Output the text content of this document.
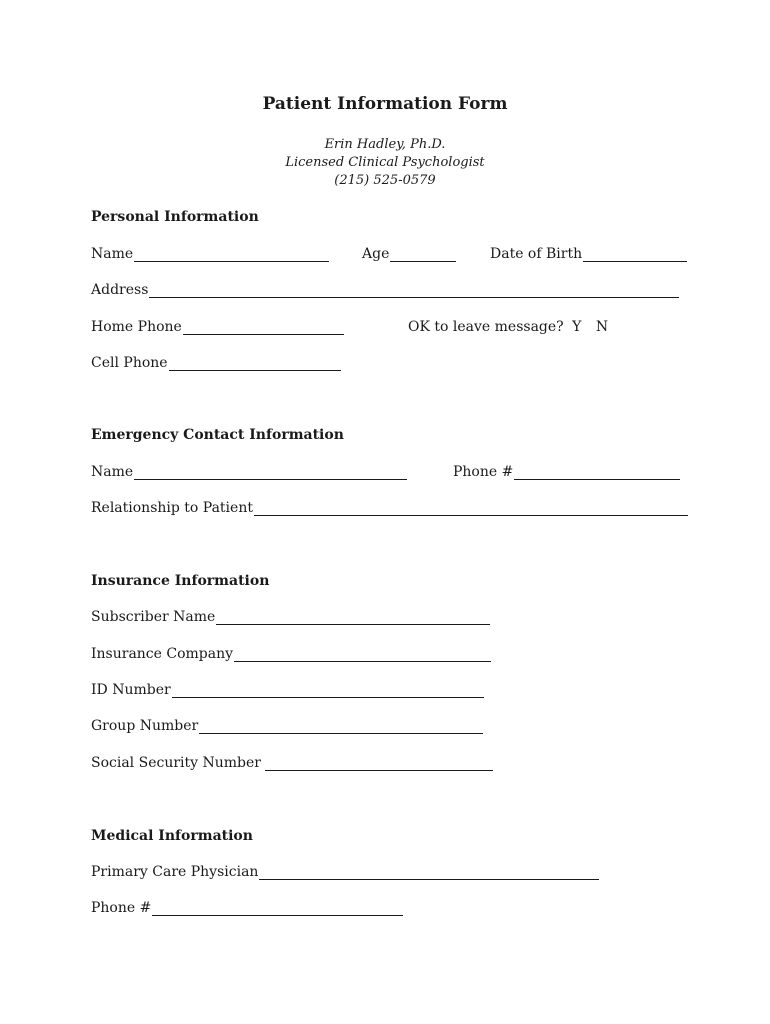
Patient Information Form
Erin Hadley, Ph.D.
Licensed Clinical Psychologist
(215) 525-0579
Personal Information
Name	Age	Date of Birth
Address
Home Phone	OK to leave message? Y N
Cell Phone
Emergency Contact Information
Name	Phone #
Relationship to Patient
Insurance Information
Subscriber Name
Insurance Company
ID Number
Group Number
Social Security Number
Medical Information
Primary Care Physician
Phone #
